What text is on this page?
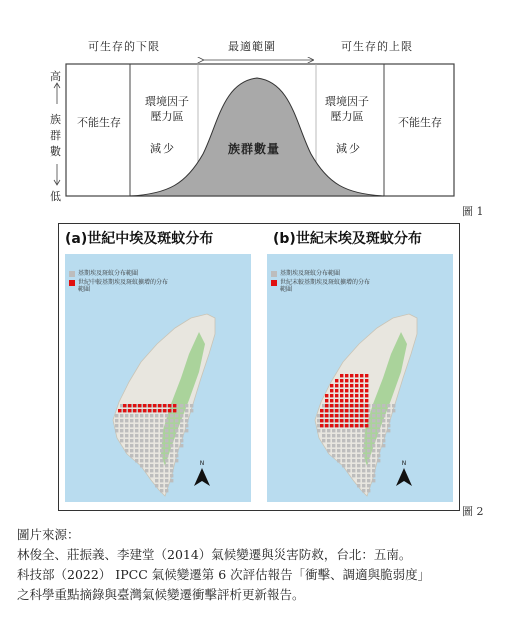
可生存的下限	最適範圍	可生存的上限
不能生存	不能生存
環境因子壓力區
環境因子壓力區
減少	減少
族群數量
高
族群數
低
圖 1
(a)世紀中埃及斑蚊分布	(b)世紀末埃及斑蚊分布
基期埃及斑蚊分布範圍
世紀中較基期埃及斑蚊擴增的分布範圍
N
基期埃及斑蚊分布範圍
世紀末較基期埃及斑蚊擴增的分布範圍
N
圖 2
圖片來源：
林俊全、莊振義、李建堂（2014）氣候變遷與災害防救，台北：五南。
科技部（2022） IPCC 氣候變遷第 6 次評估報告「衝擊、調適與脆弱度」
之科學重點摘錄與臺灣氣候變遷衝擊評析更新報告。
